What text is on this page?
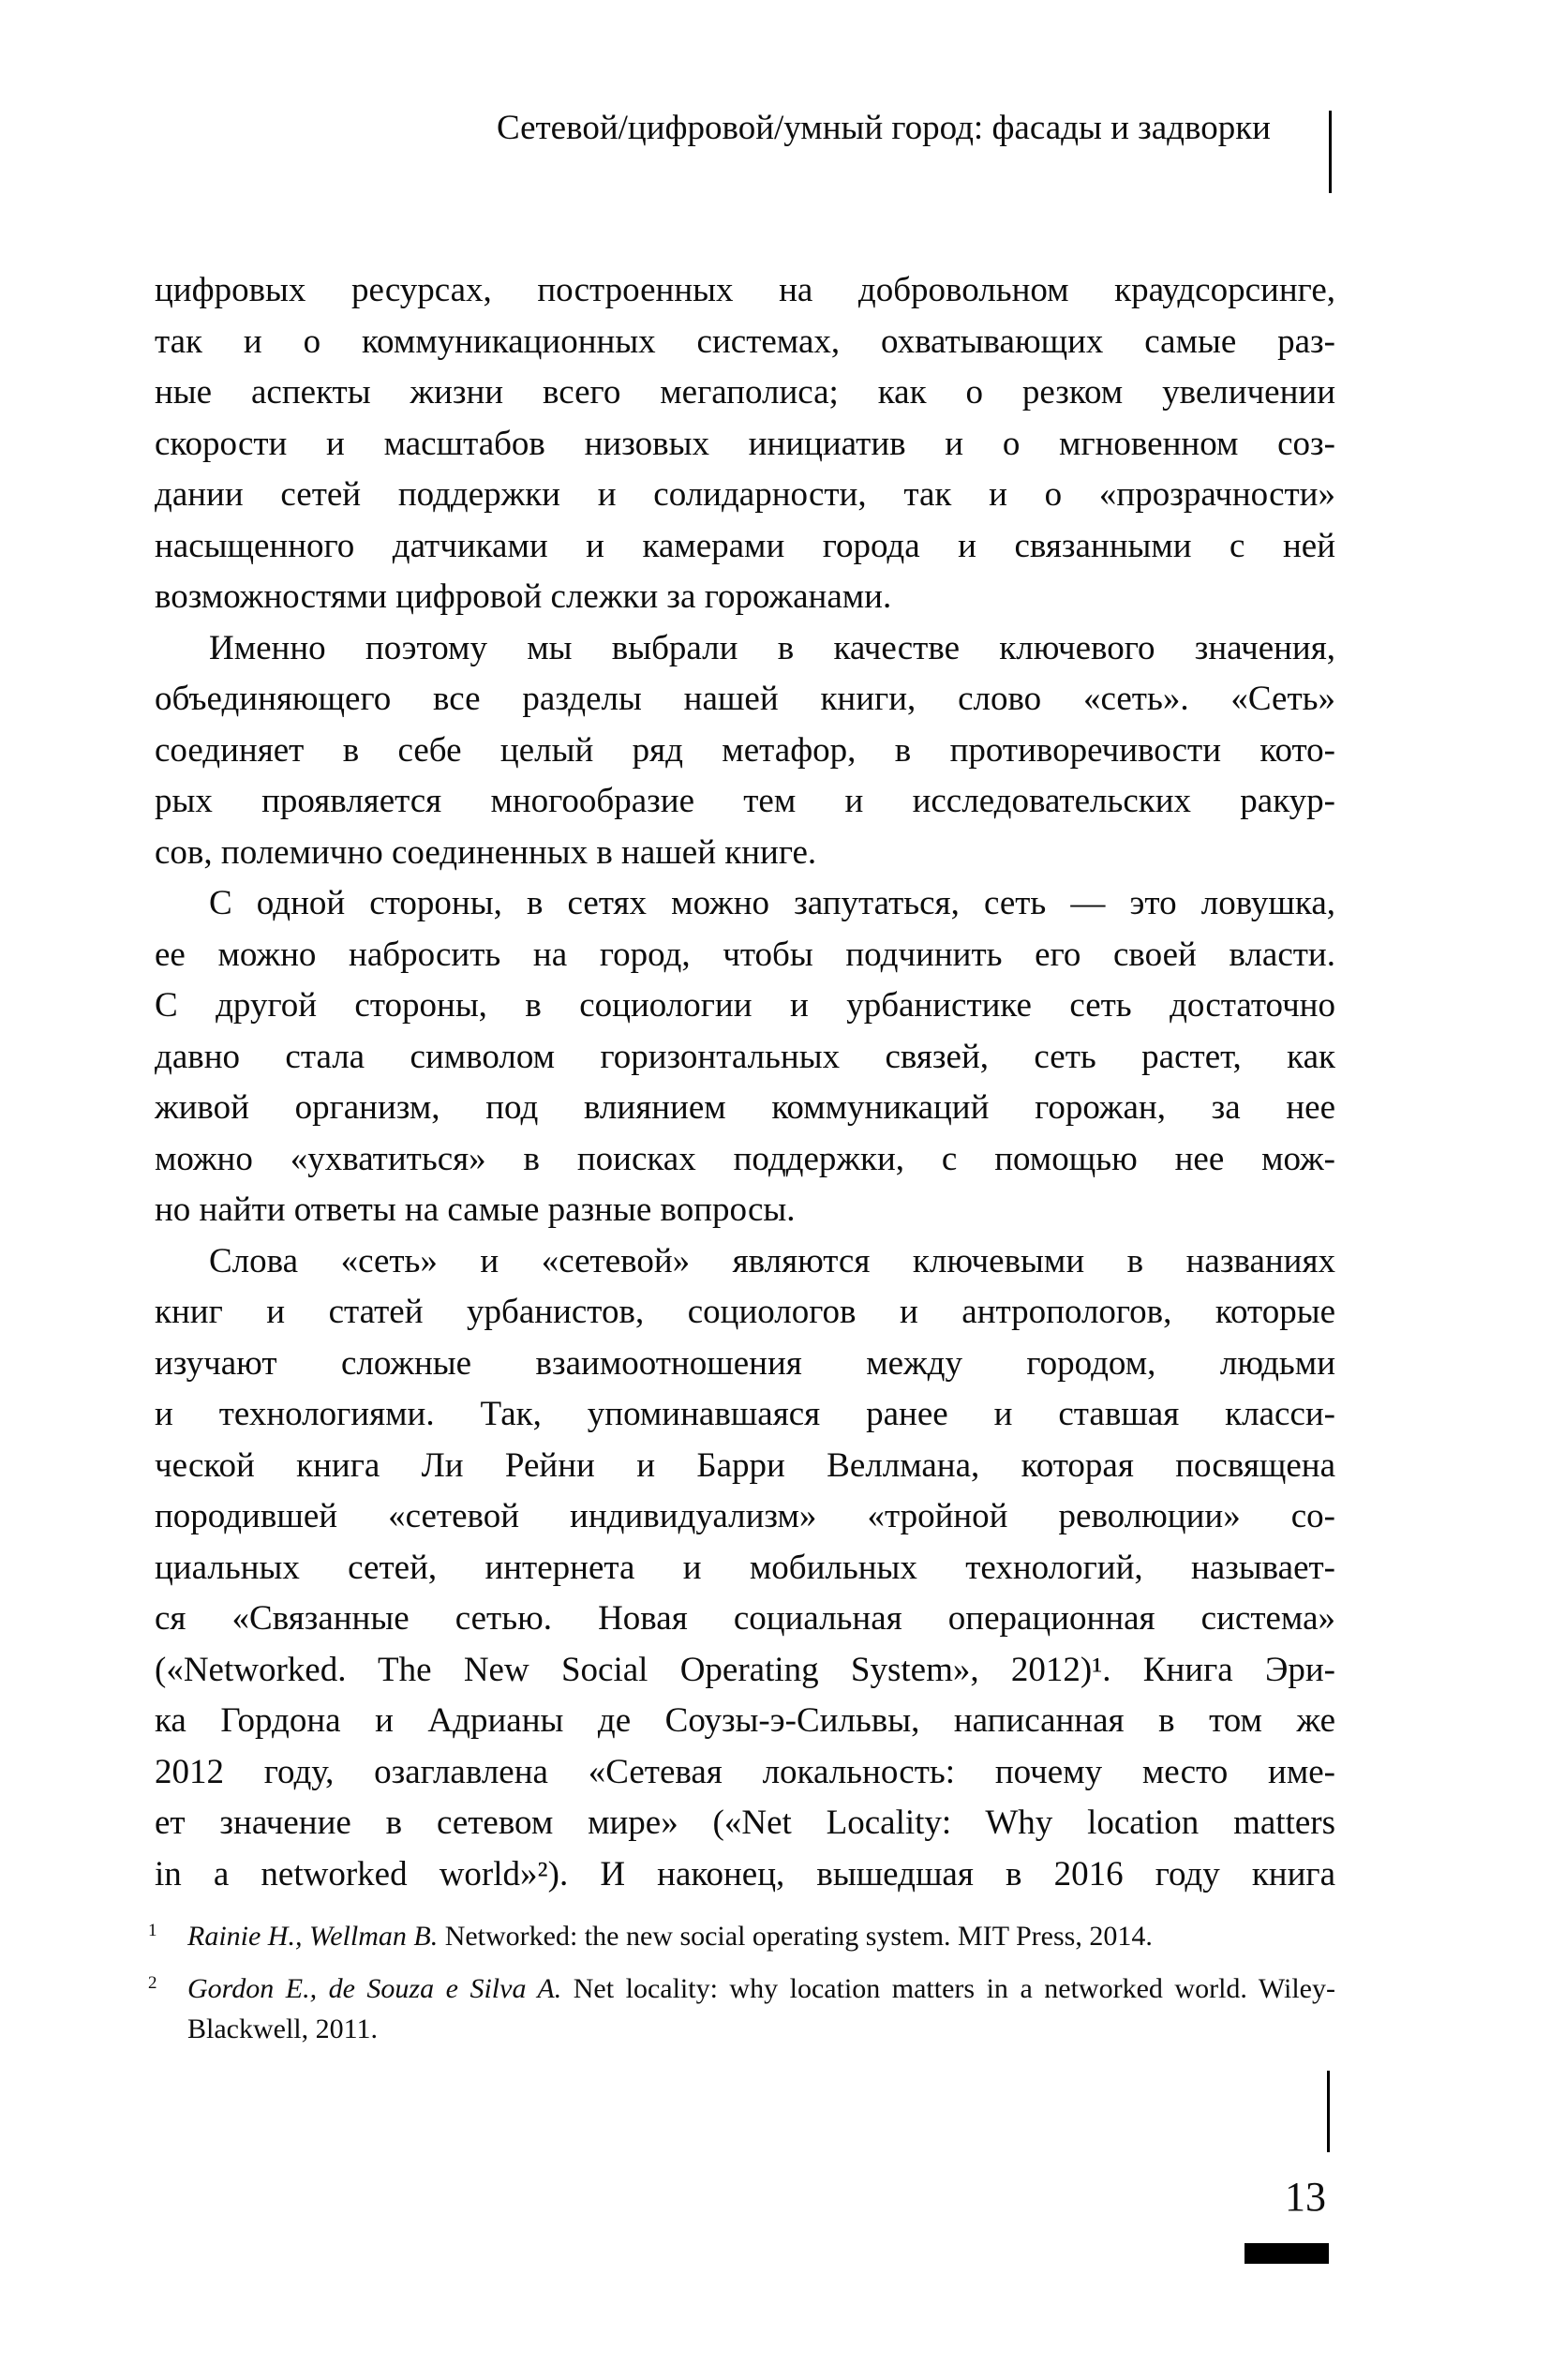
Сетевой/цифровой/умный город: фасады и задворки
цифровых ресурсах, построенных на добровольном краудсорсинге,
так и о коммуникационных системах, охватывающих самые раз-
ные аспекты жизни всего мегаполиса; как о резком увеличении
скорости и масштабов низовых инициатив и о мгновенном соз-
дании сетей поддержки и солидарности, так и о «прозрачности»
насыщенного датчиками и камерами города и связанными с ней
возможностями цифровой слежки за горожанами.
Именно поэтому мы выбрали в качестве ключевого значения,
объединяющего все разделы нашей книги, слово «сеть». «Сеть»
соединяет в себе целый ряд метафор, в противоречивости кото-
рых проявляется многообразие тем и исследовательских ракур-
сов, полемично соединенных в нашей книге.
С одной стороны, в сетях можно запутаться, сеть — это ловушка,
ее можно набросить на город, чтобы подчинить его своей власти.
С другой стороны, в социологии и урбанистике сеть достаточно
давно стала символом горизонтальных связей, сеть растет, как
живой организм, под влиянием коммуникаций горожан, за нее
можно «ухватиться» в поисках поддержки, с помощью нее мож-
но найти ответы на самые разные вопросы.
Слова «сеть» и «сетевой» являются ключевыми в названиях
книг и статей урбанистов, социологов и антропологов, которые
изучают сложные взаимоотношения между городом, людьми
и технологиями. Так, упоминавшаяся ранее и ставшая класси-
ческой книга Ли Рейни и Барри Веллмана, которая посвящена
породившей «сетевой индивидуализм» «тройной революции» со-
циальных сетей, интернета и мобильных технологий, называет-
ся «Связанные сетью. Новая социальная операционная система»
(«Networked. The New Social Operating System», 2012)¹. Книга Эри-
ка Гордона и Адрианы де Соузы-э-Сильвы, написанная в том же
2012 году, озаглавлена «Сетевая локальность: почему место име-
ет значение в сетевом мире» («Net Locality: Why location matters
in a networked world»²). И наконец, вышедшая в 2016 году книга
1 Rainie H., Wellman B. Networked: the new social operating system. MIT Press, 2014.
2 Gordon E., de Souza e Silva A. Net locality: why location matters in a networked world. Wiley-Blackwell, 2011.
13
